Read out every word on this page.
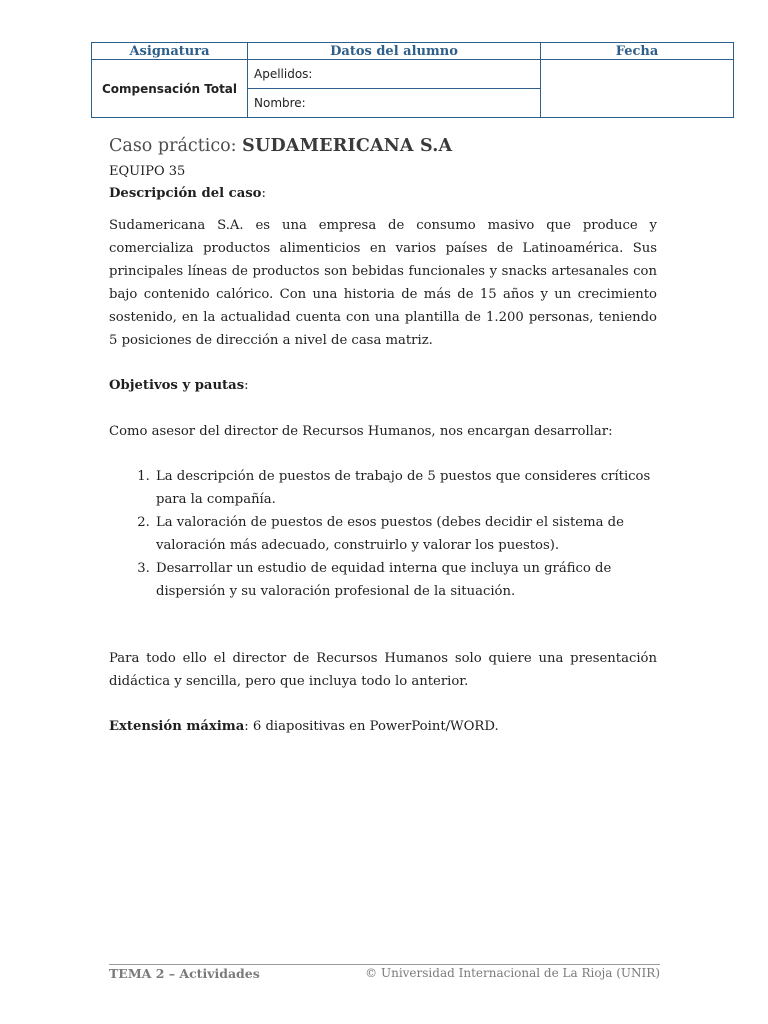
Asignatura	Datos del alumno	Fecha
Compensación Total	Apellidos:	
	Nombre:	

Caso práctico: SUDAMERICANA S.A

EQUIPO 35

Descripción del caso:

Sudamericana S.A. es una empresa de consumo masivo que produce y comercializa productos alimenticios en varios países de Latinoamérica. Sus principales líneas de productos son bebidas funcionales y snacks artesanales con bajo contenido calórico. Con una historia de más de 15 años y un crecimiento sostenido, en la actualidad cuenta con una plantilla de 1.200 personas, teniendo 5 posiciones de dirección a nivel de casa matriz.

Objetivos y pautas:

Como asesor del director de Recursos Humanos, nos encargan desarrollar:

1. La descripción de puestos de trabajo de 5 puestos que consideres críticos para la compañía.
2. La valoración de puestos de esos puestos (debes decidir el sistema de valoración más adecuado, construirlo y valorar los puestos).
3. Desarrollar un estudio de equidad interna que incluya un gráfico de dispersión y su valoración profesional de la situación.

Para todo ello el director de Recursos Humanos solo quiere una presentación didáctica y sencilla, pero que incluya todo lo anterior.

Extensión máxima: 6 diapositivas en PowerPoint/WORD.

TEMA 2 – Actividades	© Universidad Internacional de La Rioja (UNIR)
